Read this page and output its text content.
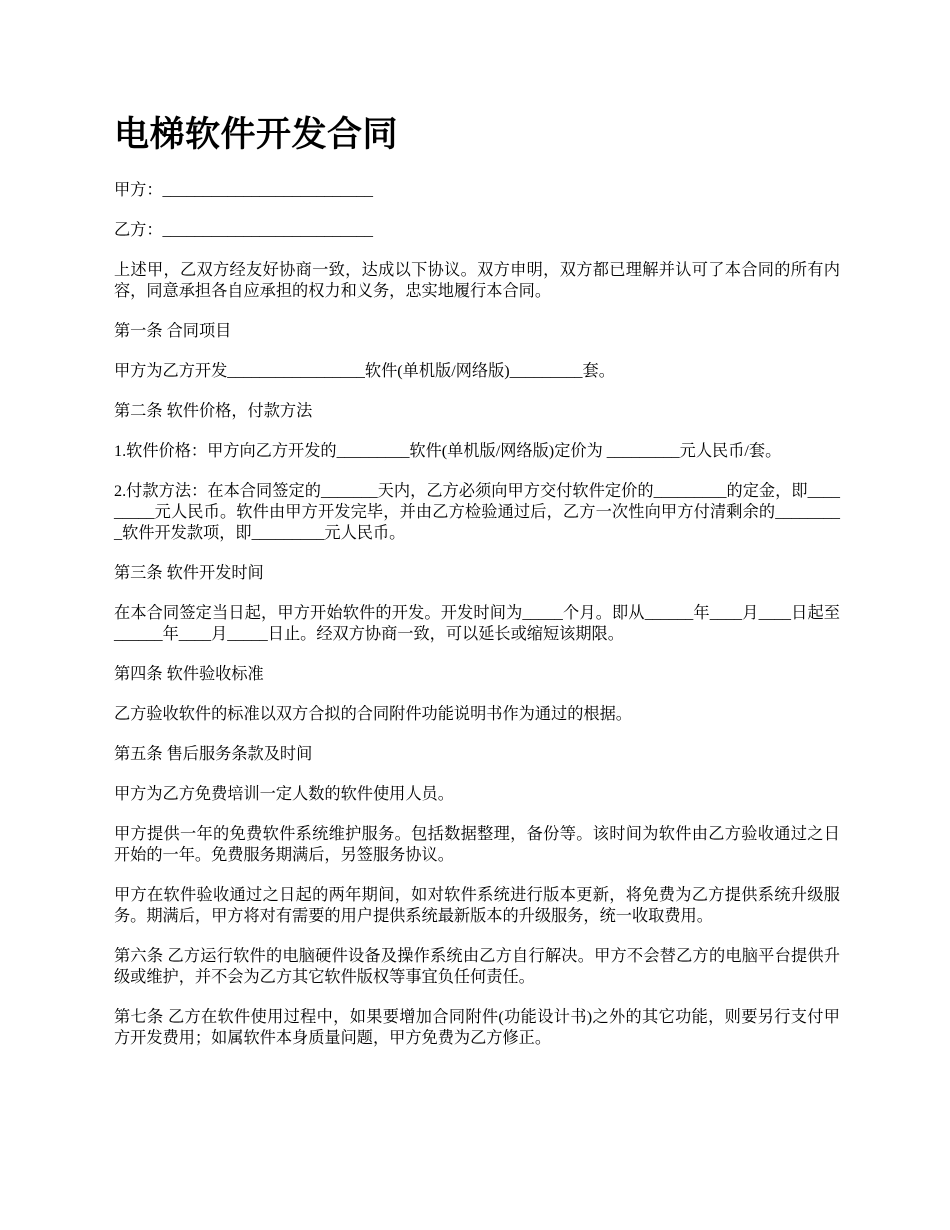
电梯软件开发合同

甲方：__________________________

乙方：__________________________

上述甲，乙双方经友好协商一致，达成以下协议。双方申明，双方都已理解并认可了本合同的所有内容，同意承担各自应承担的权力和义务，忠实地履行本合同。

第一条 合同项目

甲方为乙方开发_________________软件(单机版/网络版)_________套。

第二条 软件价格，付款方法

1.软件价格：甲方向乙方开发的_________软件(单机版/网络版)定价为 _________元人民币/套。

2.付款方法：在本合同签定的_______天内，乙方必须向甲方交付软件定价的_________的定金，即_________元人民币。软件由甲方开发完毕，并由乙方检验通过后，乙方一次性向甲方付清剩余的_________软件开发款项，即_________元人民币。

第三条 软件开发时间

在本合同签定当日起，甲方开始软件的开发。开发时间为_____个月。即从______年____月____日起至______年____月_____日止。经双方协商一致，可以延长或缩短该期限。

第四条 软件验收标准

乙方验收软件的标准以双方合拟的合同附件功能说明书作为通过的根据。

第五条 售后服务条款及时间

甲方为乙方免费培训一定人数的软件使用人员。

甲方提供一年的免费软件系统维护服务。包括数据整理，备份等。该时间为软件由乙方验收通过之日开始的一年。免费服务期满后，另签服务协议。

甲方在软件验收通过之日起的两年期间，如对软件系统进行版本更新，将免费为乙方提供系统升级服务。期满后，甲方将对有需要的用户提供系统最新版本的升级服务，统一收取费用。

第六条 乙方运行软件的电脑硬件设备及操作系统由乙方自行解决。甲方不会替乙方的电脑平台提供升级或维护，并不会为乙方其它软件版权等事宜负任何责任。

第七条 乙方在软件使用过程中，如果要增加合同附件(功能设计书)之外的其它功能，则要另行支付甲方开发费用；如属软件本身质量问题，甲方免费为乙方修正。
